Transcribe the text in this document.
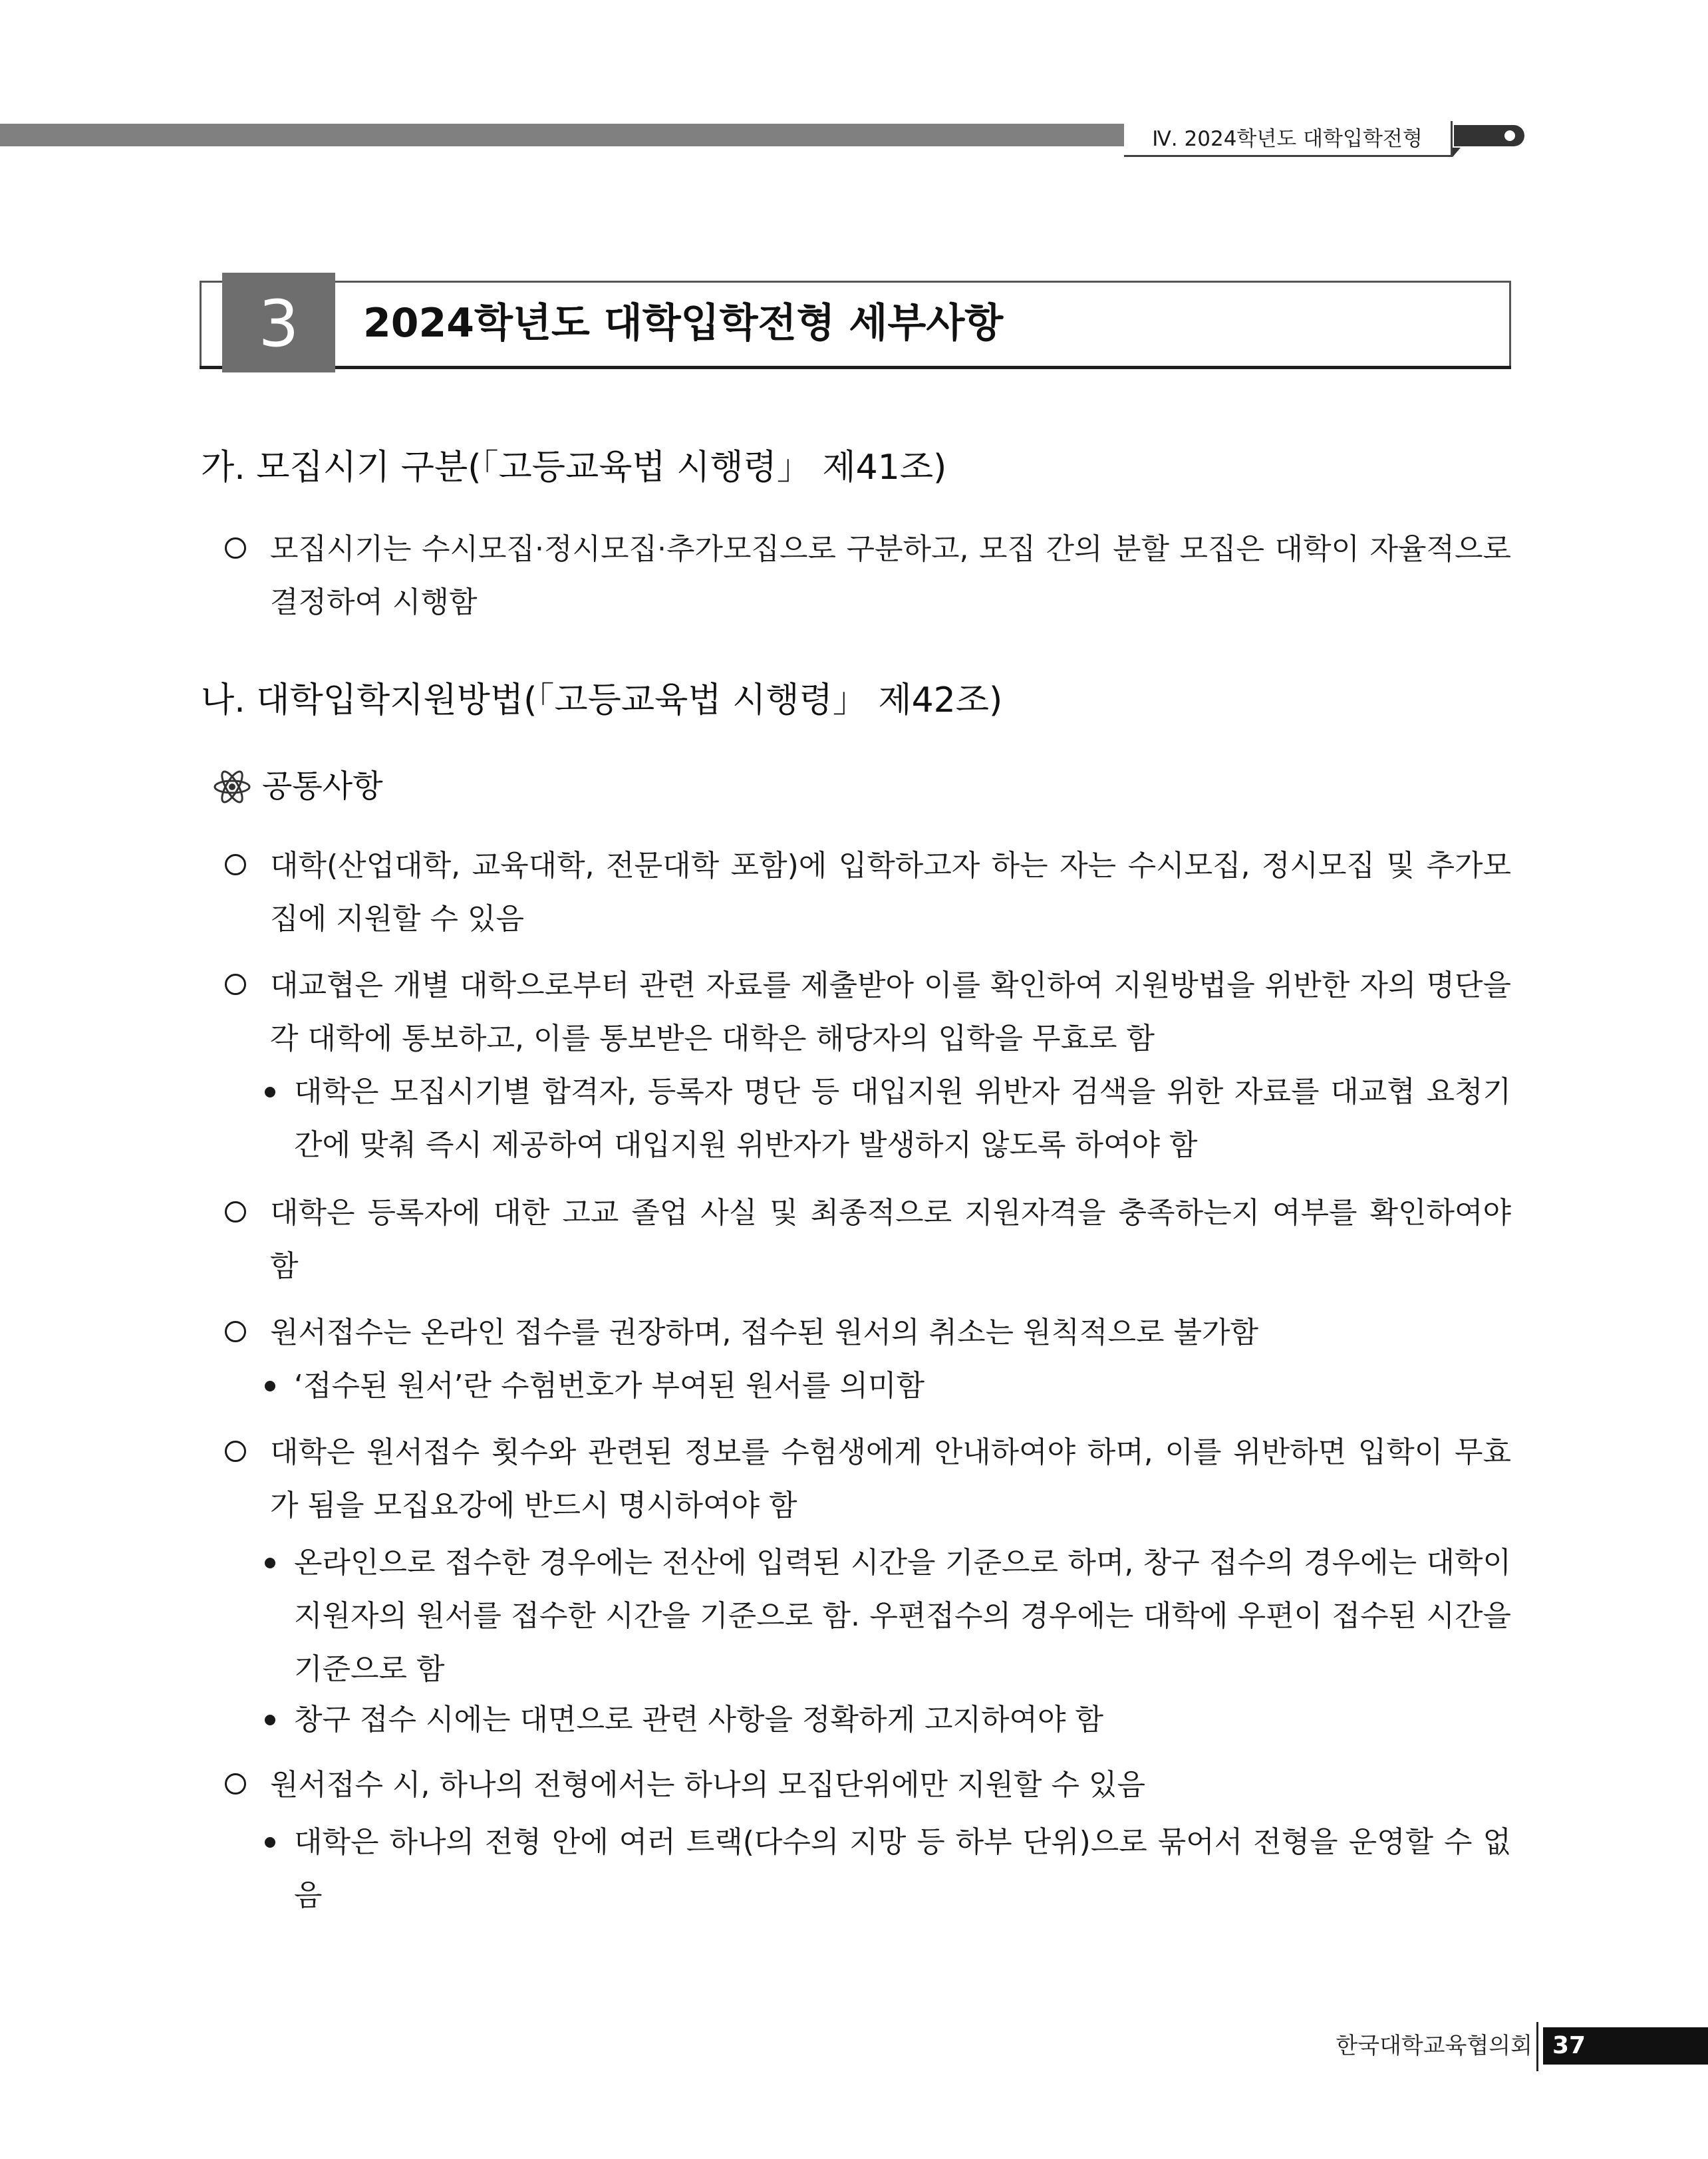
Ⅳ. 2024학년도 대학입학전형
3	2024학년도 대학입학전형 세부사항
가. 모집시기 구분(「고등교육법 시행령」 제41조)
모집시기는 수시모집·정시모집·추가모집으로 구분하고, 모집 간의 분할 모집은 대학이 자율적으로 결정하여 시행함
나. 대학입학지원방법(「고등교육법 시행령」 제42조)
공통사항
대학(산업대학, 교육대학, 전문대학 포함)에 입학하고자 하는 자는 수시모집, 정시모집 및 추가모집에 지원할 수 있음
대교협은 개별 대학으로부터 관련 자료를 제출받아 이를 확인하여 지원방법을 위반한 자의 명단을 각 대학에 통보하고, 이를 통보받은 대학은 해당자의 입학을 무효로 함
대학은 모집시기별 합격자, 등록자 명단 등 대입지원 위반자 검색을 위한 자료를 대교협 요청기간에 맞춰 즉시 제공하여 대입지원 위반자가 발생하지 않도록 하여야 함
대학은 등록자에 대한 고교 졸업 사실 및 최종적으로 지원자격을 충족하는지 여부를 확인하여야 함
원서접수는 온라인 접수를 권장하며, 접수된 원서의 취소는 원칙적으로 불가함
‘접수된 원서’란 수험번호가 부여된 원서를 의미함
대학은 원서접수 횟수와 관련된 정보를 수험생에게 안내하여야 하며, 이를 위반하면 입학이 무효가 됨을 모집요강에 반드시 명시하여야 함
온라인으로 접수한 경우에는 전산에 입력된 시간을 기준으로 하며, 창구 접수의 경우에는 대학이 지원자의 원서를 접수한 시간을 기준으로 함. 우편접수의 경우에는 대학에 우편이 접수된 시간을 기준으로 함
창구 접수 시에는 대면으로 관련 사항을 정확하게 고지하여야 함
원서접수 시, 하나의 전형에서는 하나의 모집단위에만 지원할 수 있음
대학은 하나의 전형 안에 여러 트랙(다수의 지망 등 하부 단위)으로 묶어서 전형을 운영할 수 없음
한국대학교육협의회 37
